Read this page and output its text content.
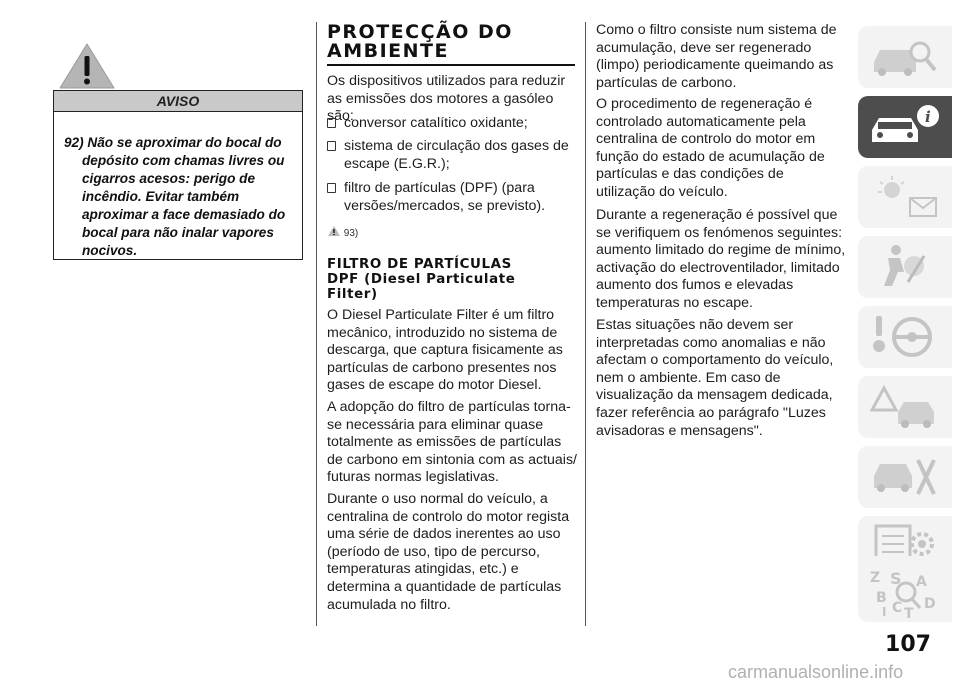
AVISO
92) Não se aproximar do bocal do depósito com chamas livres ou cigarros acesos: perigo de incêndio. Evitar também aproximar a face demasiado do bocal para não inalar vapores nocivos.
PROTECÇÃO DO
AMBIENTE
Os dispositivos utilizados para reduzir as emissões dos motores a gasóleo são:
conversor catalítico oxidante;
sistema de circulação dos gases de escape (E.G.R.);
filtro de partículas (DPF) (para versões/mercados, se previsto).
93)
FILTRO DE PARTÍCULAS
DPF (Diesel Particulate
Filter)
O Diesel Particulate Filter é um filtro mecânico, introduzido no sistema de descarga, que captura fisicamente as partículas de carbono presentes nos gases de escape do motor Diesel.
A adopção do filtro de partículas torna-se necessária para eliminar quase totalmente as emissões de partículas de carbono em sintonia com as actuais/ futuras normas legislativas.
Durante o uso normal do veículo, a centralina de controlo do motor regista uma série de dados inerentes ao uso (período de uso, tipo de percurso, temperaturas atingidas, etc.) e determina a quantidade de partículas acumulada no filtro.
Como o filtro consiste num sistema de acumulação, deve ser regenerado (limpo) periodicamente queimando as partículas de carbono.
O procedimento de regeneração é controlado automaticamente pela centralina de controlo do motor em função do estado de acumulação de partículas e das condições de utilização do veículo.
Durante a regeneração é possível que se verifiquem os fenómenos seguintes: aumento limitado do regime de mínimo, activação do electroventilador, limitado aumento dos fumos e elevadas temperaturas no escape.
Estas situações não devem ser interpretadas como anomalias e não afectam o comportamento do veículo, nem o ambiente. Em caso de visualização da mensagem dedicada, fazer referência ao parágrafo "Luzes avisadoras e mensagens".
i
Z S A
B
C D
I T
107
carmanualsonline.info
